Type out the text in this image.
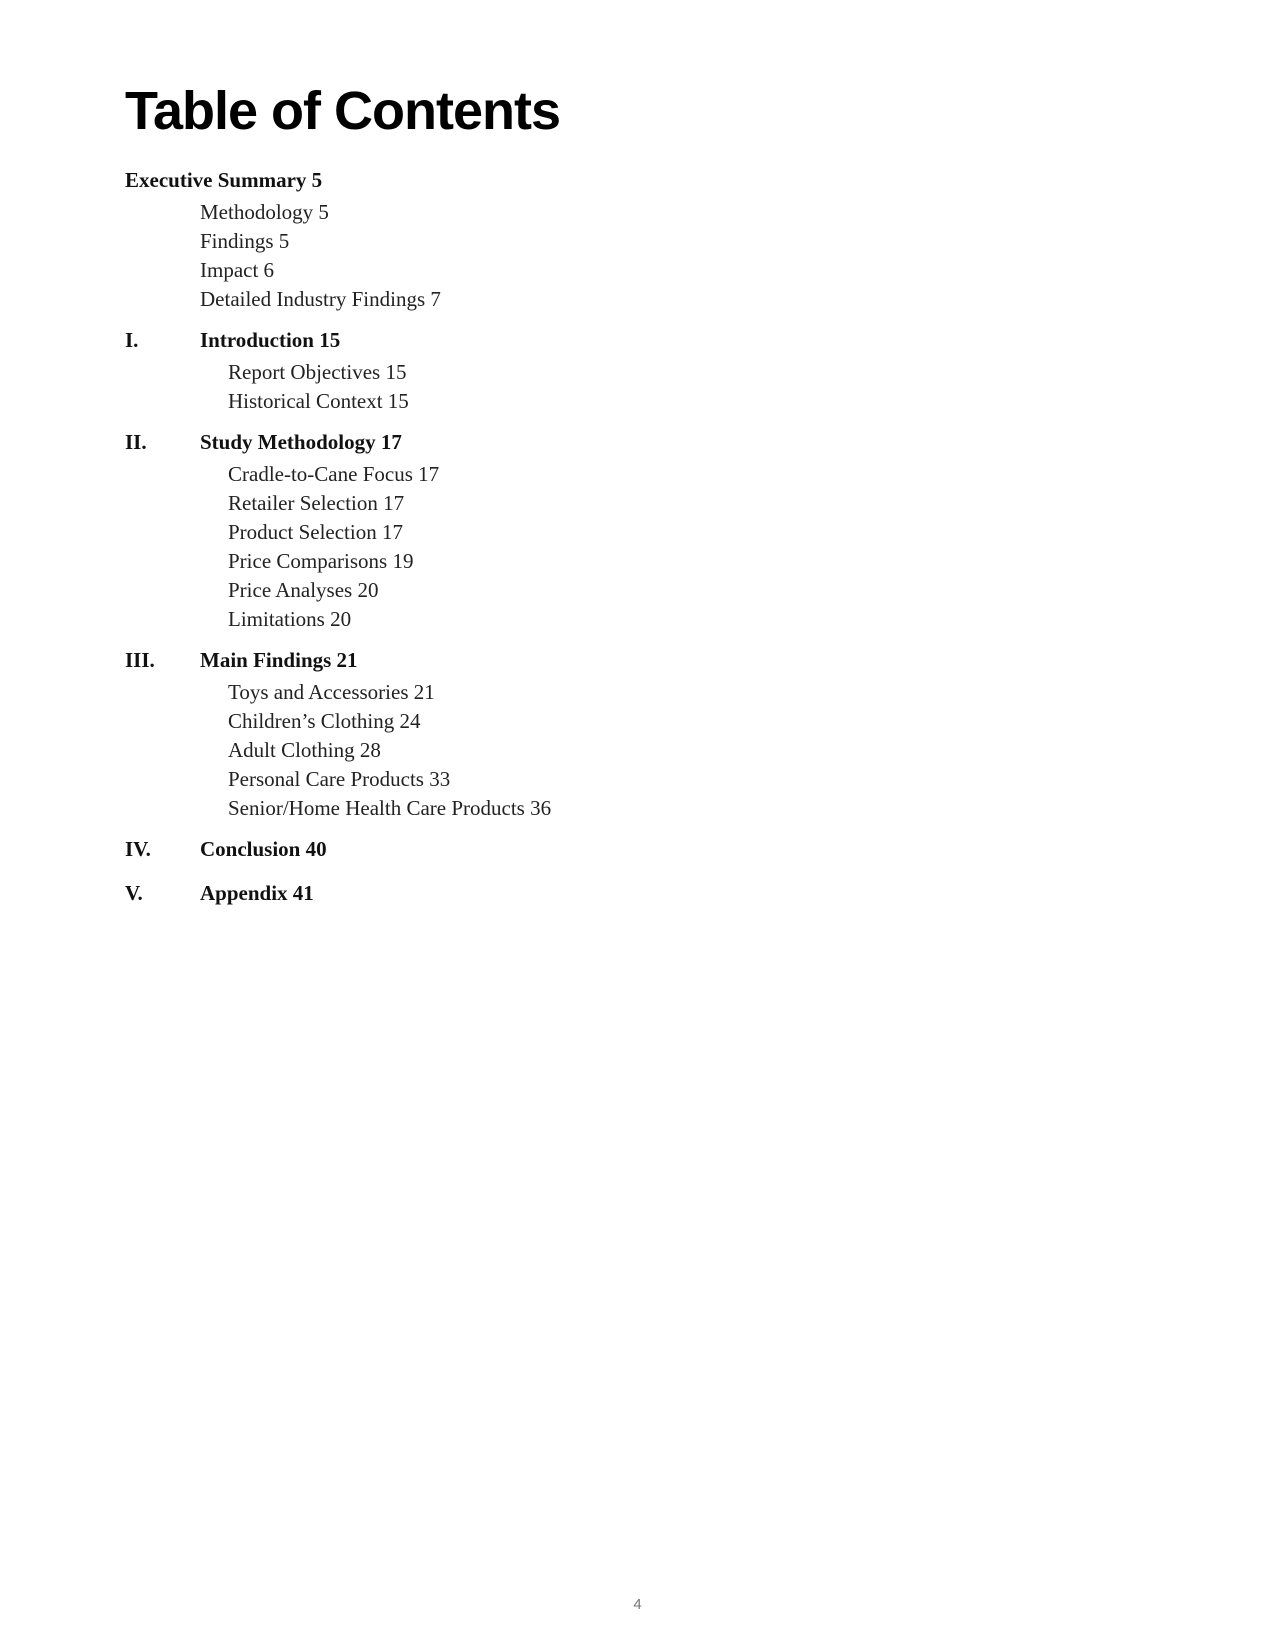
Table of Contents
Executive Summary 5
Methodology 5
Findings 5
Impact 6
Detailed Industry Findings 7
I.	Introduction 15
Report Objectives 15
Historical Context 15
II.	Study Methodology 17
Cradle-to-Cane Focus 17
Retailer Selection 17
Product Selection 17
Price Comparisons 19
Price Analyses 20
Limitations 20
III.	Main Findings 21
Toys and Accessories 21
Children’s Clothing 24
Adult Clothing 28
Personal Care Products 33
Senior/Home Health Care Products 36
IV.	Conclusion 40
V.	Appendix 41
4
